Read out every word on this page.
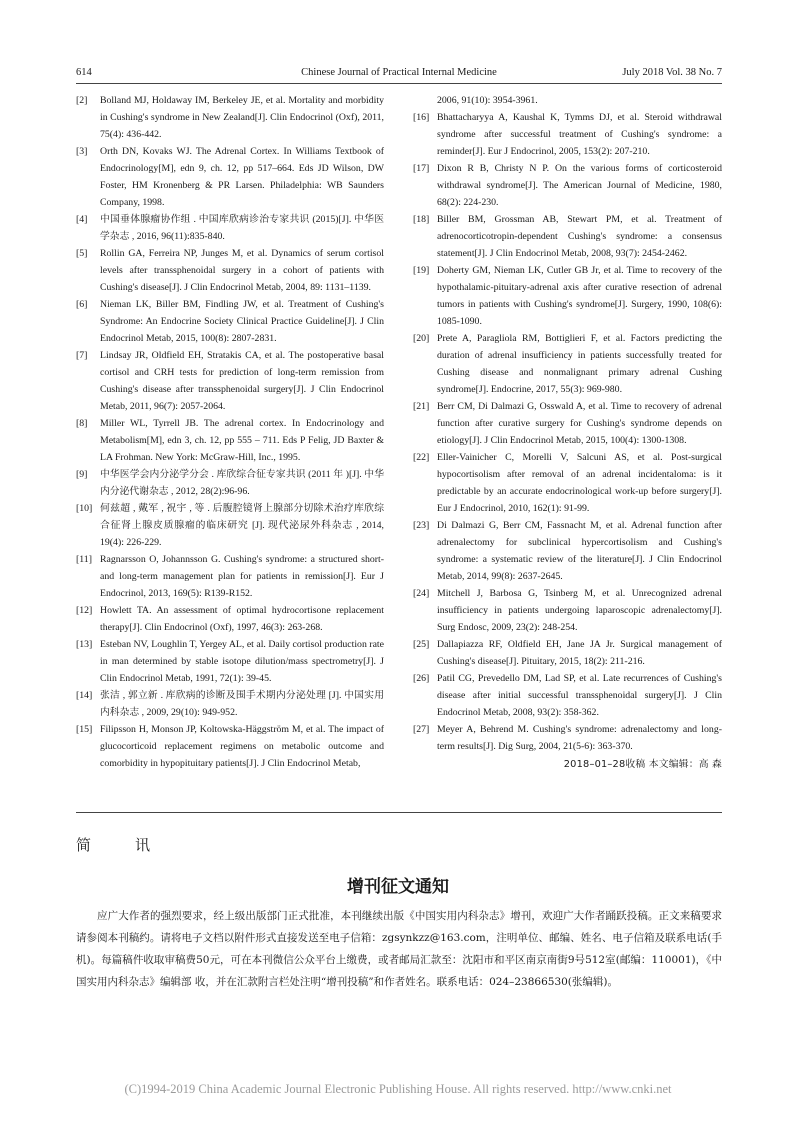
614	Chinese Journal of Practical Internal Medicine	July 2018 Vol. 38 No. 7
[2]	Bolland MJ, Holdaway IM, Berkeley JE, et al. Mortality and morbidity in Cushing's syndrome in New Zealand[J]. Clin Endocrinol (Oxf), 2011, 75(4): 436-442.
[3]	Orth DN, Kovaks WJ. The Adrenal Cortex. In Williams Textbook of Endocrinology[M], edn 9, ch. 12, pp 517–664. Eds JD Wilson, DW Foster, HM Kronenberg & PR Larsen. Philadelphia: WB Saunders Company, 1998.
[4]	中国垂体腺瘤协作组 . 中国库欣病诊治专家共识 (2015)[J]. 中华医学杂志 , 2016, 96(11):835-840.
[5]	Rollin GA, Ferreira NP, Junges M, et al. Dynamics of serum cortisol levels after transsphenoidal surgery in a cohort of patients with Cushing's disease[J]. J Clin Endocrinol Metab, 2004, 89: 1131–1139.
[6]	Nieman LK, Biller BM, Findling JW, et al. Treatment of Cushing's Syndrome: An Endocrine Society Clinical Practice Guideline[J]. J Clin Endocrinol Metab, 2015, 100(8): 2807-2831.
[7]	Lindsay JR, Oldfield EH, Stratakis CA, et al. The postoperative basal cortisol and CRH tests for prediction of long-term remission from Cushing's disease after transsphenoidal surgery[J]. J Clin Endocrinol Metab, 2011, 96(7): 2057-2064.
[8]	Miller WL, Tyrrell JB. The adrenal cortex. In Endocrinology and Metabolism[M], edn 3, ch. 12, pp 555 – 711. Eds P Felig, JD Baxter & LA Frohman. New York: McGraw-Hill, Inc., 1995.
[9]	中华医学会内分泌学分会 . 库欣综合征专家共识 (2011 年 )[J]. 中华内分泌代谢杂志 , 2012, 28(2):96-96.
[10] 何兹超 , 戴军 , 祝宇 , 等 . 后腹腔镜肾上腺部分切除术治疗库欣综合征肾上腺皮质腺瘤的临床研究 [J]. 现代泌尿外科杂志 , 2014, 19(4): 226-229.
[11] Ragnarsson O, Johannsson G. Cushing's syndrome: a structured short- and long-term management plan for patients in remission[J]. Eur J Endocrinol, 2013, 169(5): R139-R152.
[12] Howlett TA. An assessment of optimal hydrocortisone replacement therapy[J]. Clin Endocrinol (Oxf), 1997, 46(3): 263-268.
[13] Esteban NV, Loughlin T, Yergey AL, et al. Daily cortisol production rate in man determined by stable isotope dilution/mass spectrometry[J]. J Clin Endocrinol Metab, 1991, 72(1): 39-45.
[14] 张洁 , 郭立新 . 库欣病的诊断及围手术期内分泌处理 [J]. 中国实用内科杂志 , 2009, 29(10): 949-952.
[15] Filipsson H, Monson JP, Koltowska-Häggström M, et al. The impact of glucocorticoid replacement regimens on metabolic outcome and comorbidity in hypopituitary patients[J]. J Clin Endocrinol Metab,
2006, 91(10): 3954-3961.
[16] Bhattacharyya A, Kaushal K, Tymms DJ, et al. Steroid withdrawal syndrome after successful treatment of Cushing's syndrome: a reminder[J]. Eur J Endocrinol, 2005, 153(2): 207-210.
[17] Dixon R B, Christy N P. On the various forms of corticosteroid withdrawal syndrome[J]. The American Journal of Medicine, 1980, 68(2): 224-230.
[18] Biller BM, Grossman AB, Stewart PM, et al. Treatment of adrenocorticotropin-dependent Cushing's syndrome: a consensus statement[J]. J Clin Endocrinol Metab, 2008, 93(7): 2454-2462.
[19] Doherty GM, Nieman LK, Cutler GB Jr, et al. Time to recovery of the hypothalamic-pituitary-adrenal axis after curative resection of adrenal tumors in patients with Cushing's syndrome[J]. Surgery, 1990, 108(6): 1085-1090.
[20] Prete A, Paragliola RM, Bottiglieri F, et al. Factors predicting the duration of adrenal insufficiency in patients successfully treated for Cushing disease and nonmalignant primary adrenal Cushing syndrome[J]. Endocrine, 2017, 55(3): 969-980.
[21] Berr CM, Di Dalmazi G, Osswald A, et al. Time to recovery of adrenal function after curative surgery for Cushing's syndrome depends on etiology[J]. J Clin Endocrinol Metab, 2015, 100(4): 1300-1308.
[22] Eller-Vainicher C, Morelli V, Salcuni AS, et al. Post-surgical hypocortisolism after removal of an adrenal incidentaloma: is it predictable by an accurate endocrinological work-up before surgery[J]. Eur J Endocrinol, 2010, 162(1): 91-99.
[23] Di Dalmazi G, Berr CM, Fassnacht M, et al. Adrenal function after adrenalectomy for subclinical hypercortisolism and Cushing's syndrome: a systematic review of the literature[J]. J Clin Endocrinol Metab, 2014, 99(8): 2637-2645.
[24] Mitchell J, Barbosa G, Tsinberg M, et al. Unrecognized adrenal insufficiency in patients undergoing laparoscopic adrenalectomy[J]. Surg Endosc, 2009, 23(2): 248-254.
[25] Dallapiazza RF, Oldfield EH, Jane JA Jr. Surgical management of Cushing's disease[J]. Pituitary, 2015, 18(2): 211-216.
[26] Patil CG, Prevedello DM, Lad SP, et al. Late recurrences of Cushing's disease after initial successful transsphenoidal surgery[J]. J Clin Endocrinol Metab, 2008, 93(2): 358-362.
[27] Meyer A, Behrend M. Cushing's syndrome: adrenalectomy and long-term results[J]. Dig Surg, 2004, 21(5-6): 363-370.
2018–01–28收稿 本文编辑：高 森
简	讯
增刊征文通知
应广大作者的强烈要求，经上级出版部门正式批准，本刊继续出版《中国实用内科杂志》增刊，欢迎广大作者踊跃投稿。正文来稿要求请参阅本刊稿约。请将电子文档以附件形式直接发送至电子信箱：zgsynkzz@163.com，注明单位、邮编、姓名、电子信箱及联系电话(手机)。每篇稿件收取审稿费50元，可在本刊微信公众平台上缴费，或者邮局汇款至：沈阳市和平区南京南街9号512室(邮编：110001)，《中国实用内科杂志》编辑部 收，并在汇款附言栏处注明“增刊投稿”和作者姓名。联系电话：024–23866530(张编辑)。
(C)1994-2019 China Academic Journal Electronic Publishing House. All rights reserved. http://www.cnki.net
